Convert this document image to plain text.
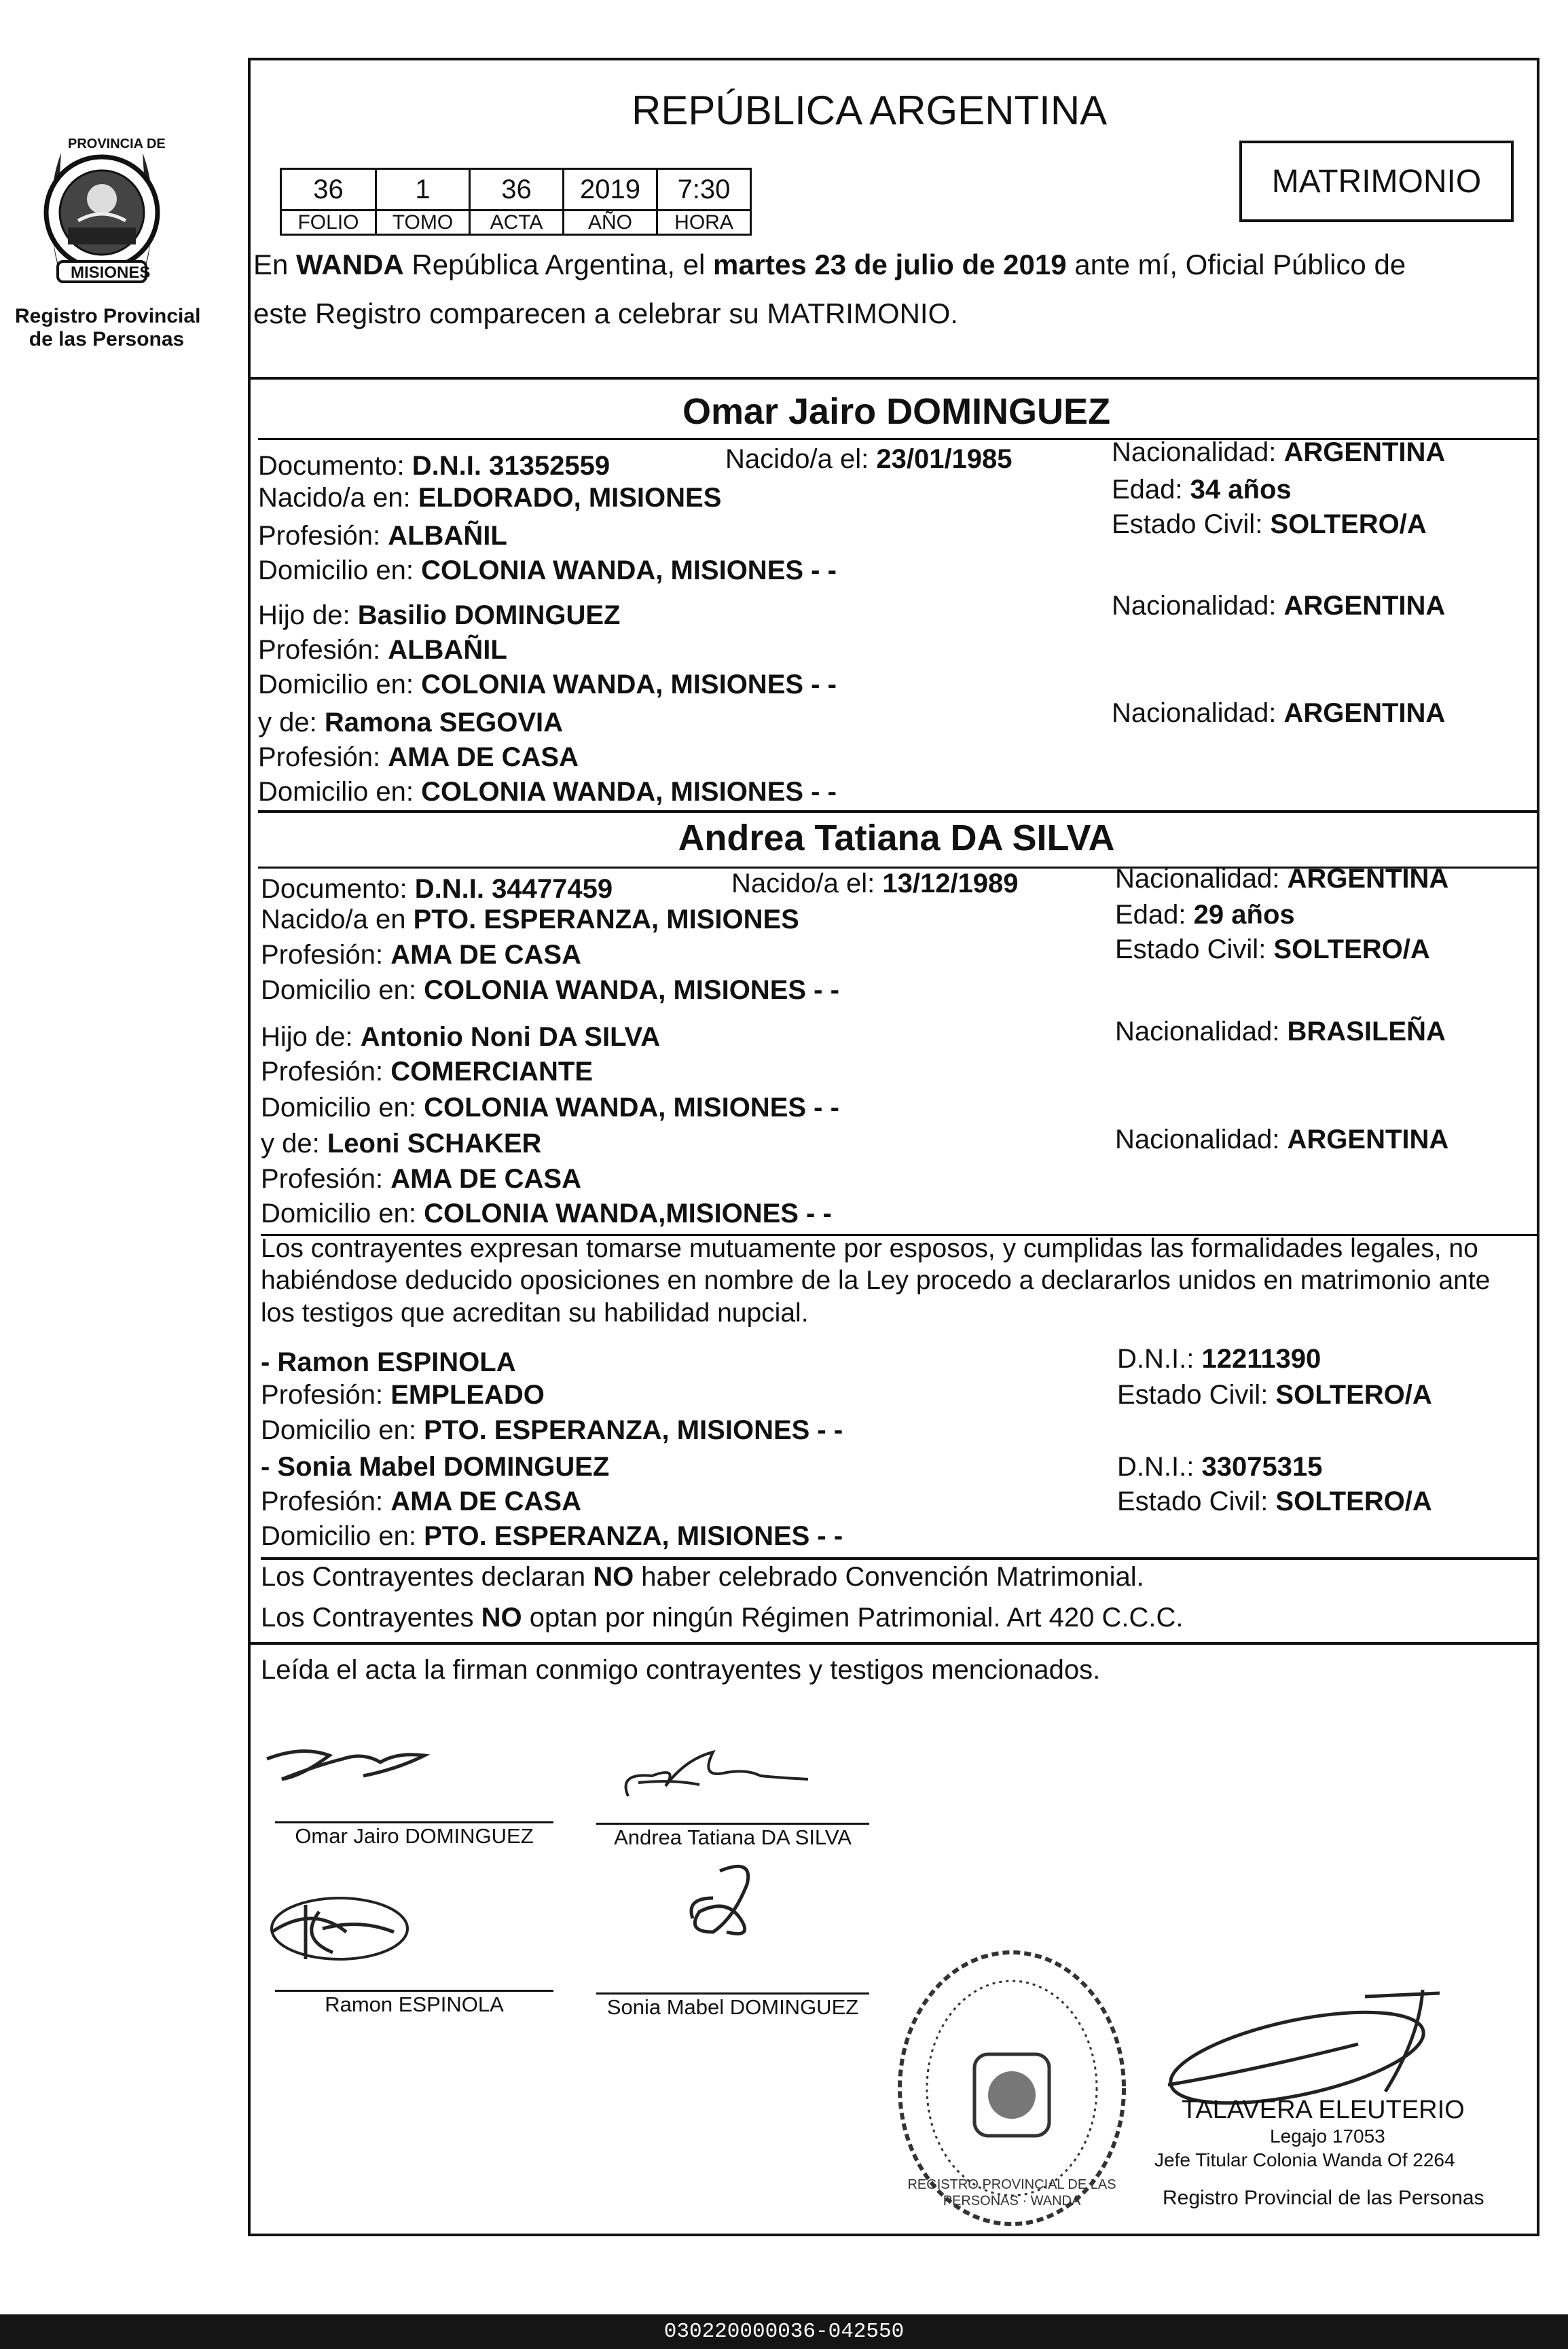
PROVINCIA DE
MISIONES
Registro Provincial
de las Personas
REPÚBLICA ARGENTINA
36	1	36	2019	7:30
FOLIO	TOMO	ACTA	AÑO	HORA
MATRIMONIO
En WANDA República Argentina, el martes 23 de julio de 2019 ante mí, Oficial Público de
este Registro comparecen a celebrar su MATRIMONIO.
Omar Jairo DOMINGUEZ
Documento: D.N.I. 31352559	Nacido/a el: 23/01/1985	Nacionalidad: ARGENTINA
Nacido/a en: ELDORADO, MISIONES	Edad: 34 años
Profesión: ALBAÑIL	Estado Civil: SOLTERO/A
Domicilio en: COLONIA WANDA, MISIONES - -
Hijo de: Basilio DOMINGUEZ	Nacionalidad: ARGENTINA
Profesión: ALBAÑIL
Domicilio en: COLONIA WANDA, MISIONES - -
y de: Ramona SEGOVIA	Nacionalidad: ARGENTINA
Profesión: AMA DE CASA
Domicilio en: COLONIA WANDA, MISIONES - -
Andrea Tatiana DA SILVA
Documento: D.N.I. 34477459	Nacido/a el: 13/12/1989	Nacionalidad: ARGENTINA
Nacido/a en PTO. ESPERANZA, MISIONES	Edad: 29 años
Profesión: AMA DE CASA	Estado Civil: SOLTERO/A
Domicilio en: COLONIA WANDA, MISIONES - -
Hijo de: Antonio Noni DA SILVA	Nacionalidad: BRASILEÑA
Profesión: COMERCIANTE
Domicilio en: COLONIA WANDA, MISIONES - -
y de: Leoni SCHAKER	Nacionalidad: ARGENTINA
Profesión: AMA DE CASA
Domicilio en: COLONIA WANDA,MISIONES - -
Los contrayentes expresan tomarse mutuamente por esposos, y cumplidas las formalidades legales, no
habiéndose deducido oposiciones en nombre de la Ley procedo a declararlos unidos en matrimonio ante
los testigos que acreditan su habilidad nupcial.
- Ramon ESPINOLA	D.N.I.: 12211390
Profesión: EMPLEADO	Estado Civil: SOLTERO/A
Domicilio en: PTO. ESPERANZA, MISIONES - -
- Sonia Mabel DOMINGUEZ	D.N.I.: 33075315
Profesión: AMA DE CASA	Estado Civil: SOLTERO/A
Domicilio en: PTO. ESPERANZA, MISIONES - -
Los Contrayentes declaran NO haber celebrado Convención Matrimonial.
Los Contrayentes NO optan por ningún Régimen Patrimonial. Art 420 C.C.C.
Leída el acta la firman conmigo contrayentes y testigos mencionados.
Omar Jairo DOMINGUEZ	Andrea Tatiana DA SILVA
Ramon ESPINOLA	Sonia Mabel DOMINGUEZ
REGISTRO PROVINCIAL DE LAS PERSONAS · WANDA
TALAVERA ELEUTERIO
Legajo 17053
Jefe Titular Colonia Wanda Of 2264
Registro Provincial de las Personas
030220000036-042550
